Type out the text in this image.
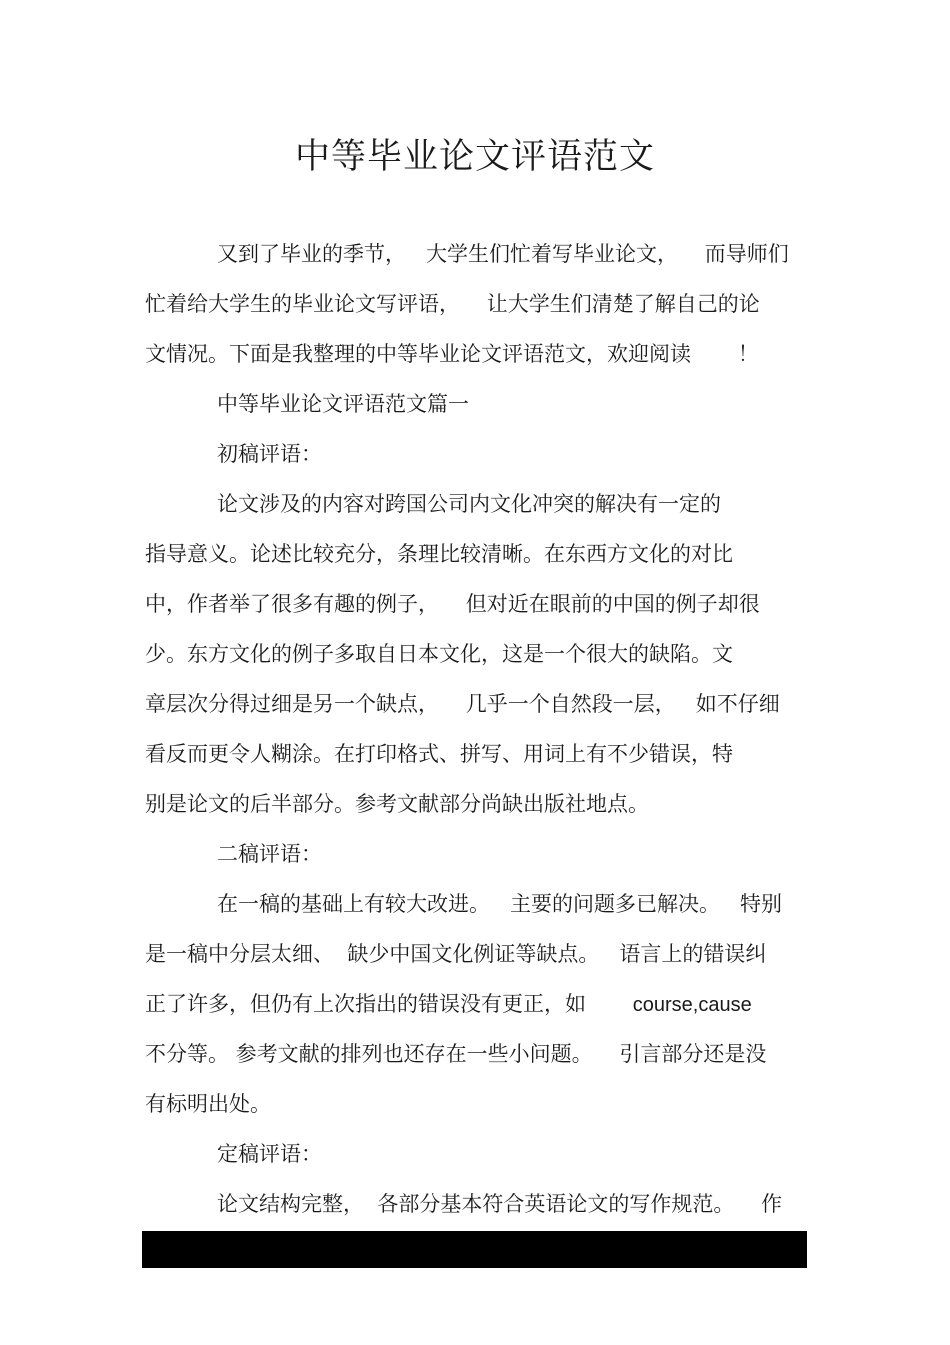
中等毕业论文评语范文
又到了毕业的季节，   大学生们忙着写毕业论文，    而导师们
忙着给大学生的毕业论文写评语，    让大学生们清楚了解自己的论
文情况。下面是我整理的中等毕业论文评语范文，欢迎阅读       ！
中等毕业论文评语范文篇一
初稿评语：
论文涉及的内容对跨国公司内文化冲突的解决有一定的
指导意义。论述比较充分，条理比较清晰。在东西方文化的对比
中，作者举了很多有趣的例子，    但对近在眼前的中国的例子却很
少。东方文化的例子多取自日本文化，这是一个很大的缺陷。文
章层次分得过细是另一个缺点，    几乎一个自然段一层，   如不仔细
看反而更令人糊涂。在打印格式、拼写、用词上有不少错误，特
别是论文的后半部分。参考文献部分尚缺出版社地点。
二稿评语：
在一稿的基础上有较大改进。   主要的问题多已解决。   特别
是一稿中分层太细、  缺少中国文化例证等缺点。   语言上的错误纠
正了许多，但仍有上次指出的错误没有更正，如       course,cause
不分等。 参考文献的排列也还存在一些小问题。    引言部分还是没
有标明出处。
定稿评语：
论文结构完整，  各部分基本符合英语论文的写作规范。    作
